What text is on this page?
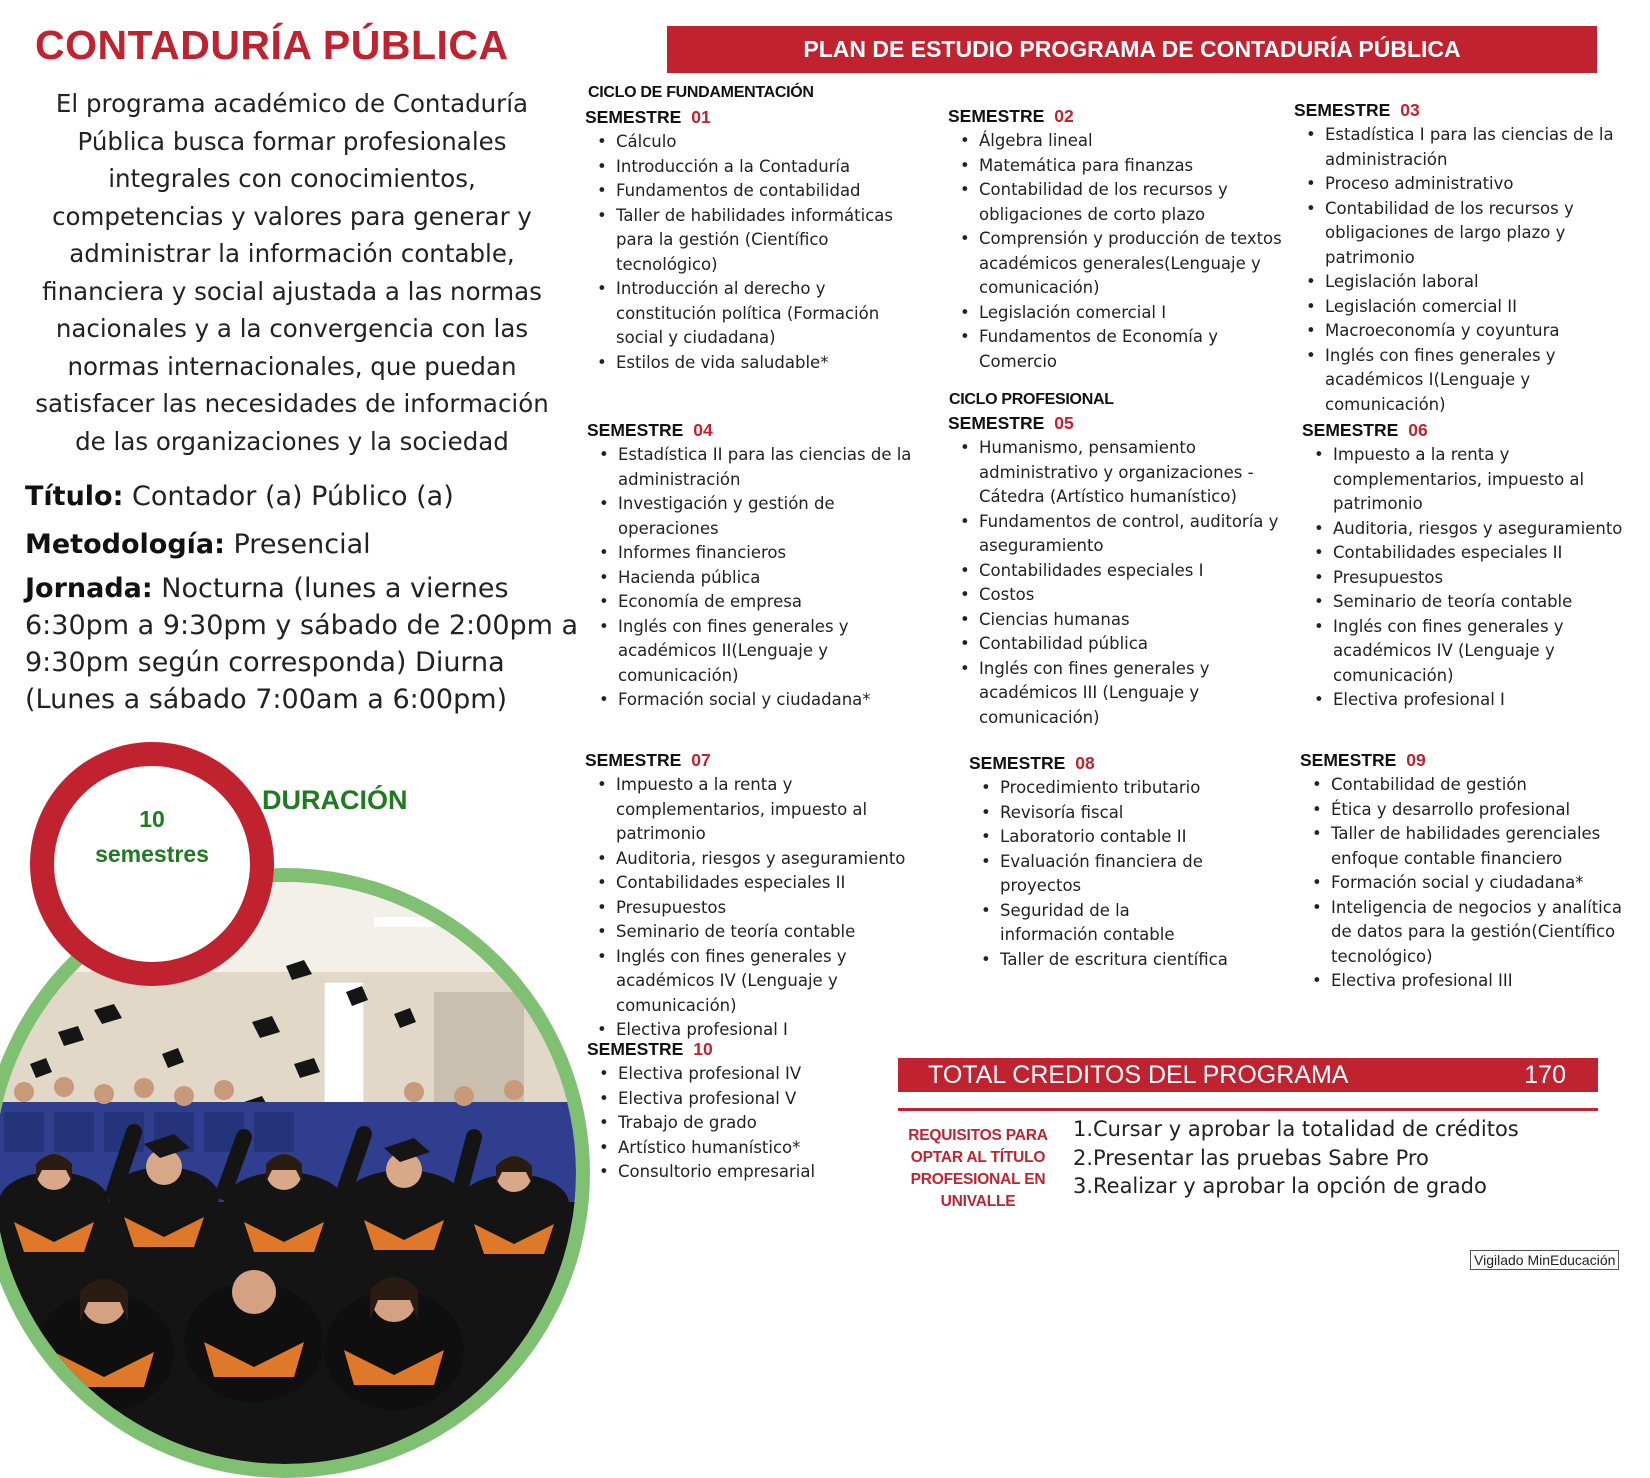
CONTADURÍA PÚBLICA
El programa académico de Contaduría Pública busca formar profesionales integrales con conocimientos, competencias y valores para generar y administrar la información contable, financiera y social ajustada a las normas nacionales y a la convergencia con las normas internacionales, que puedan satisfacer las necesidades de información de las organizaciones y la sociedad
Título: Contador (a) Público (a)
Metodología: Presencial
Jornada: Nocturna (lunes a viernes 6:30pm a 9:30pm y sábado de 2:00pm a 9:30pm según corresponda) Diurna (Lunes a sábado 7:00am a 6:00pm)
10
semestres
DURACIÓN
PLAN DE ESTUDIO PROGRAMA DE CONTADURÍA PÚBLICA
CICLO DE FUNDAMENTACIÓN
CICLO PROFESIONAL
SEMESTRE 01
• Cálculo
• Introducción a la Contaduría
• Fundamentos de contabilidad
• Taller de habilidades informáticas para la gestión (Científico tecnológico)
• Introducción al derecho y constitución política (Formación social y ciudadana)
• Estilos de vida saludable*
SEMESTRE 02
• Álgebra lineal
• Matemática para finanzas
• Contabilidad de los recursos y obligaciones de corto plazo
• Comprensión y producción de textos académicos generales(Lenguaje y comunicación)
• Legislación comercial I
• Fundamentos de Economía y Comercio
SEMESTRE 03
• Estadística I para las ciencias de la administración
• Proceso administrativo
• Contabilidad de los recursos y obligaciones de largo plazo y patrimonio
• Legislación laboral
• Legislación comercial II
• Macroeconomía y coyuntura
• Inglés con fines generales y académicos I(Lenguaje y comunicación)
SEMESTRE 04
• Estadística II para las ciencias de la administración
• Investigación y gestión de operaciones
• Informes financieros
• Hacienda pública
• Economía de empresa
• Inglés con fines generales y académicos II(Lenguaje y comunicación)
• Formación social y ciudadana*
SEMESTRE 05
• Humanismo, pensamiento administrativo y organizaciones - Cátedra (Artístico humanístico)
• Fundamentos de control, auditoría y aseguramiento
• Contabilidades especiales I
• Costos
• Ciencias humanas
• Contabilidad pública
• Inglés con fines generales y académicos III (Lenguaje y comunicación)
SEMESTRE 06
• Impuesto a la renta y complementarios, impuesto al patrimonio
• Auditoria, riesgos y aseguramiento
• Contabilidades especiales II
• Presupuestos
• Seminario de teoría contable
• Inglés con fines generales y académicos IV (Lenguaje y comunicación)
• Electiva profesional I
SEMESTRE 07
• Impuesto a la renta y complementarios, impuesto al patrimonio
• Auditoria, riesgos y aseguramiento
• Contabilidades especiales II
• Presupuestos
• Seminario de teoría contable
• Inglés con fines generales y académicos IV (Lenguaje y comunicación)
• Electiva profesional I
SEMESTRE 08
• Procedimiento tributario
• Revisoría fiscal
• Laboratorio contable II
• Evaluación financiera de proyectos
• Seguridad de la información contable
• Taller de escritura científica
SEMESTRE 09
• Contabilidad de gestión
• Ética y desarrollo profesional
• Taller de habilidades gerenciales enfoque contable financiero
• Formación social y ciudadana*
• Inteligencia de negocios y analítica de datos para la gestión(Científico tecnológico)
• Electiva profesional III
SEMESTRE 10
• Electiva profesional IV
• Electiva profesional V
• Trabajo de grado
• Artístico humanístico*
• Consultorio empresarial
TOTAL CREDITOS DEL PROGRAMA	170
REQUISITOS PARA OPTAR AL TÍTULO PROFESIONAL EN UNIVALLE
1.Cursar y aprobar la totalidad de créditos
2.Presentar las pruebas Sabre Pro
3.Realizar y aprobar la opción de grado
Vigilado MinEducación
